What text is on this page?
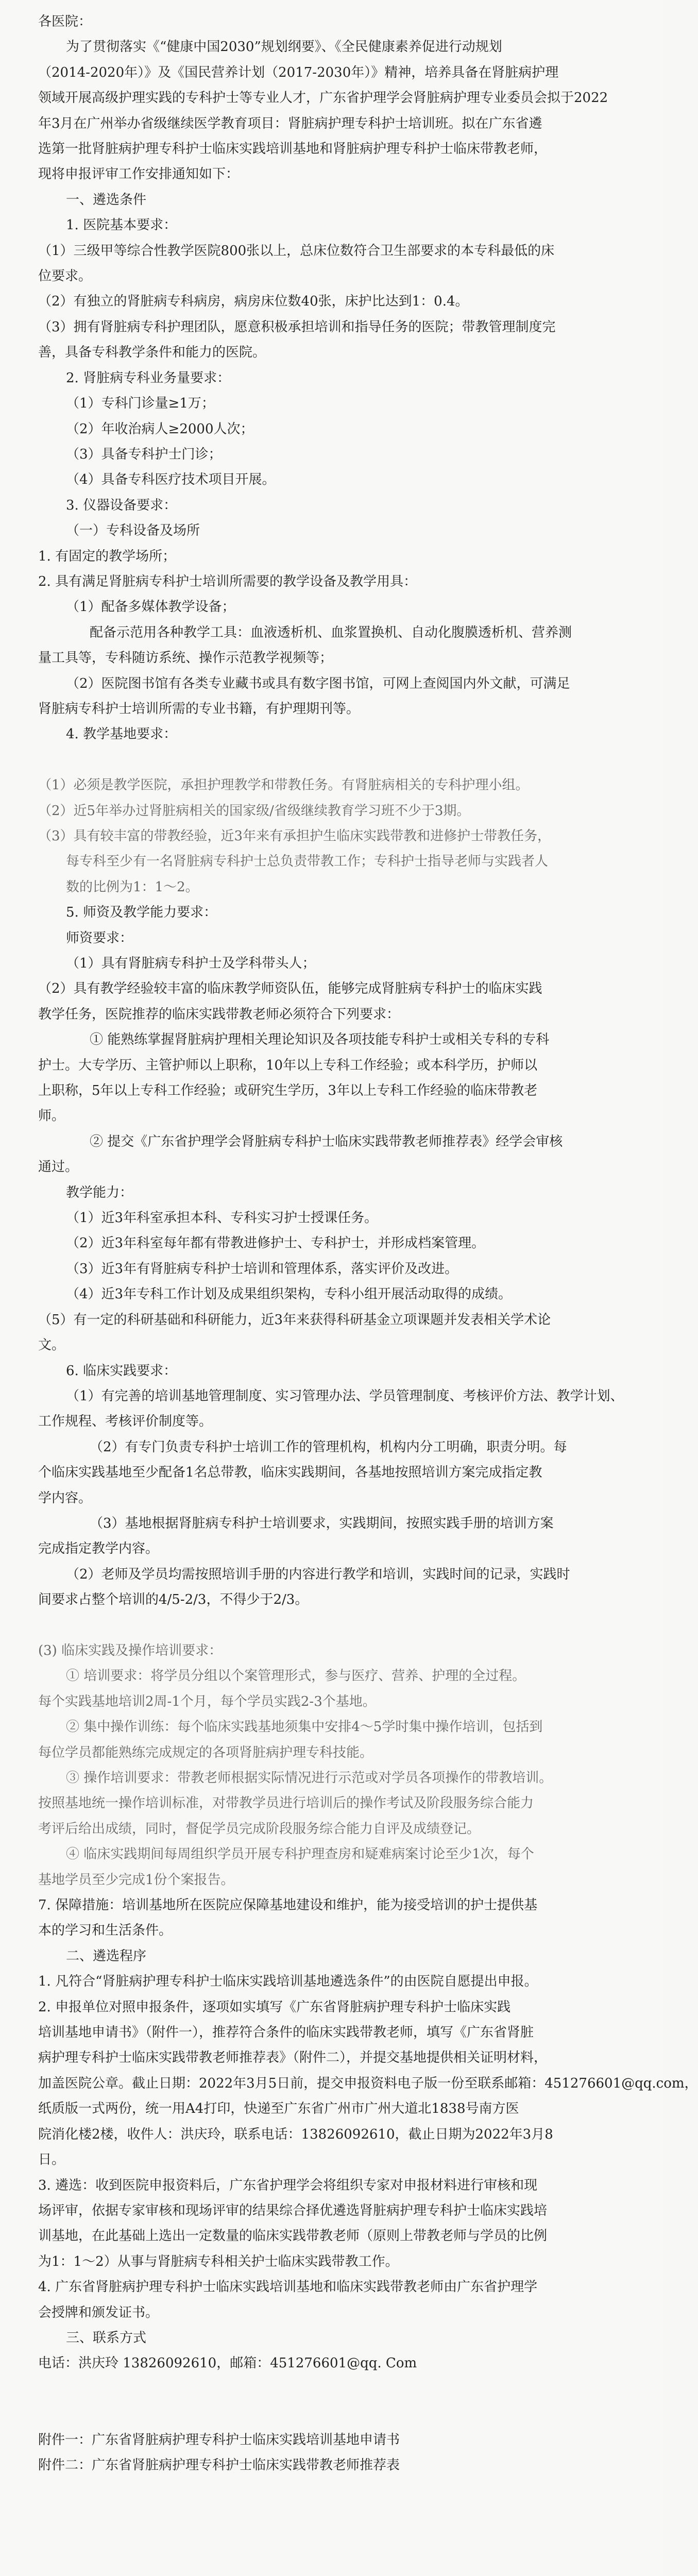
各医院：
为了贯彻落实《“健康中国2030”规划纲要》、《全民健康素养促进行动规划
（2014-2020年）》及《国民营养计划（2017-2030年）》精神，培养具备在肾脏病护理
领域开展高级护理实践的专科护士等专业人才，广东省护理学会肾脏病护理专业委员会拟于2022
年3月在广州举办省级继续医学教育项目：肾脏病护理专科护士培训班。拟在广东省遴
选第一批肾脏病护理专科护士临床实践培训基地和肾脏病护理专科护士临床带教老师，
现将申报评审工作安排通知如下：
一、遴选条件
1. 医院基本要求：
（1）三级甲等综合性教学医院800张以上，总床位数符合卫生部要求的本专科最低的床
位要求。
（2）有独立的肾脏病专科病房，病房床位数40张，床护比达到1：0.4。
（3）拥有肾脏病专科护理团队，愿意积极承担培训和指导任务的医院；带教管理制度完
善，具备专科教学条件和能力的医院。
2. 肾脏病专科业务量要求：
（1）专科门诊量≥1万；
（2）年收治病人≥2000人次；
（3）具备专科护士门诊；
（4）具备专科医疗技术项目开展。
3. 仪器设备要求：
（一）专科设备及场所
1. 有固定的教学场所；
2. 具有满足肾脏病专科护士培训所需要的教学设备及教学用具：
（1）配备多媒体教学设备；
配备示范用各种教学工具：血液透析机、血浆置换机、自动化腹膜透析机、营养测
量工具等，专科随访系统、操作示范教学视频等；
（2）医院图书馆有各类专业藏书或具有数字图书馆，可网上查阅国内外文献，可满足
肾脏病专科护士培训所需的专业书籍，有护理期刊等。
4. 教学基地要求：
（1）必须是教学医院，承担护理教学和带教任务。有肾脏病相关的专科护理小组。
（2）近5年举办过肾脏病相关的国家级/省级继续教育学习班不少于3期。
（3）具有较丰富的带教经验，近3年来有承担护生临床实践带教和进修护士带教任务，
每专科至少有一名肾脏病专科护士总负责带教工作；专科护士指导老师与实践者人
数的比例为1：1～2。
5. 师资及教学能力要求：
师资要求：
（1）具有肾脏病专科护士及学科带头人；
（2）具有教学经验较丰富的临床教学师资队伍，能够完成肾脏病专科护士的临床实践
教学任务，医院推荐的临床实践带教老师必须符合下列要求：
① 能熟练掌握肾脏病护理相关理论知识及各项技能专科护士或相关专科的专科
护士。大专学历、主管护师以上职称，10年以上专科工作经验；或本科学历，护师以
上职称，5年以上专科工作经验；或研究生学历，3年以上专科工作经验的临床带教老
师。
② 提交《广东省护理学会肾脏病专科护士临床实践带教老师推荐表》经学会审核
通过。
教学能力：
（1）近3年科室承担本科、专科实习护士授课任务。
（2）近3年科室每年都有带教进修护士、专科护士，并形成档案管理。
（3）近3年有肾脏病专科护士培训和管理体系，落实评价及改进。
（4）近3年专科工作计划及成果组织架构，专科小组开展活动取得的成绩。
（5）有一定的科研基础和科研能力，近3年来获得科研基金立项课题并发表相关学术论
文。
6. 临床实践要求：
（1）有完善的培训基地管理制度、实习管理办法、学员管理制度、考核评价方法、教学计划、
工作规程、考核评价制度等。
（2）有专门负责专科护士培训工作的管理机构，机构内分工明确，职责分明。每
个临床实践基地至少配备1名总带教，临床实践期间，各基地按照培训方案完成指定教
学内容。
（3）基地根据肾脏病专科护士培训要求，实践期间，按照实践手册的培训方案
完成指定教学内容。
（2）老师及学员均需按照培训手册的内容进行教学和培训，实践时间的记录，实践时
间要求占整个培训的4/5-2/3，不得少于2/3。
(3) 临床实践及操作培训要求：
① 培训要求：将学员分组以个案管理形式，参与医疗、营养、护理的全过程。
每个实践基地培训2周-1个月，每个学员实践2-3个基地。
② 集中操作训练：每个临床实践基地须集中安排4～5学时集中操作培训，包括到
每位学员都能熟练完成规定的各项肾脏病护理专科技能。
③ 操作培训要求：带教老师根据实际情况进行示范或对学员各项操作的带教培训。
按照基地统一操作培训标准，对带教学员进行培训后的操作考试及阶段服务综合能力
考评后给出成绩，同时，督促学员完成阶段服务综合能力自评及成绩登记。
④ 临床实践期间每周组织学员开展专科护理查房和疑难病案讨论至少1次，每个
基地学员至少完成1份个案报告。
7. 保障措施：培训基地所在医院应保障基地建设和维护，能为接受培训的护士提供基
本的学习和生活条件。
二、遴选程序
1. 凡符合“肾脏病护理专科护士临床实践培训基地遴选条件”的由医院自愿提出申报。
2. 申报单位对照申报条件，逐项如实填写《广东省肾脏病护理专科护士临床实践
培训基地申请书》（附件一），推荐符合条件的临床实践带教老师，填写《广东省肾脏
病护理专科护士临床实践带教老师推荐表》（附件二），并提交基地提供相关证明材料，
加盖医院公章。截止日期：2022年3月5日前，提交申报资料电子版一份至联系邮箱：451276601@qq.com，
纸质版一式两份，统一用A4打印，快递至广东省广州市广州大道北1838号南方医
院消化楼2楼，收件人：洪庆玲，联系电话：13826092610，截止日期为2022年3月8
日。
3. 遴选：收到医院申报资料后，广东省护理学会将组织专家对申报材料进行审核和现
场评审，依据专家审核和现场评审的结果综合择优遴选肾脏病护理专科护士临床实践培
训基地，在此基础上选出一定数量的临床实践带教老师（原则上带教老师与学员的比例
为1：1～2）从事与肾脏病专科相关护士临床实践带教工作。
4. 广东省肾脏病护理专科护士临床实践培训基地和临床实践带教老师由广东省护理学
会授牌和颁发证书。
三、联系方式
电话：洪庆玲 13826092610，邮箱：451276601@qq. Com
附件一：广东省肾脏病护理专科护士临床实践培训基地申请书
附件二：广东省肾脏病护理专科护士临床实践带教老师推荐表
